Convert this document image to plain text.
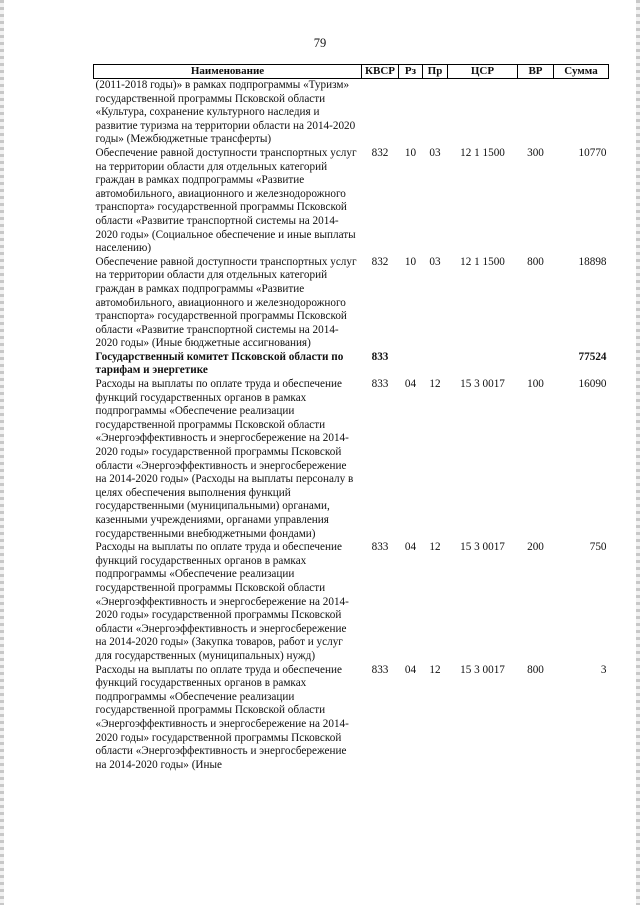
79
Наименование	КВСР	Рз	Пр	ЦСР	ВР	Сумма
(2011-2018 годы)» в рамках подпрограммы «Туризм» государственной программы Псковской области «Культура, сохранение культурного наследия и развитие туризма на территории области на 2014-2020 годы» (Межбюджетные трансферты)						
Обеспечение равной доступности транспортных услуг на территории области для отдельных категорий граждан в рамках подпрограммы «Развитие автомобильного, авиационного и железнодорожного транспорта» государственной программы Псковской области «Развитие транспортной системы на 2014-2020 годы» (Социальное обеспечение и иные выплаты населению)	832	10	03	12 1 1500	300	10770
Обеспечение равной доступности транспортных услуг на территории области для отдельных категорий граждан в рамках подпрограммы «Развитие автомобильного, авиационного и железнодорожного транспорта» государственной программы Псковской области «Развитие транспортной системы на 2014-2020 годы» (Иные бюджетные ассигнования)	832	10	03	12 1 1500	800	18898
Государственный комитет Псковской области по тарифам и энергетике	833					77524
Расходы на выплаты по оплате труда и обеспечение функций государственных органов в рамках подпрограммы «Обеспечение реализации государственной программы Псковской области «Энергоэффективность и энергосбережение на 2014-2020 годы» государственной программы Псковской области «Энергоэффективность и энергосбережение на 2014-2020 годы» (Расходы на выплаты персоналу в целях обеспечения выполнения функций государственными (муниципальными) органами, казенными учреждениями, органами управления государственными внебюджетными фондами)	833	04	12	15 3 0017	100	16090
Расходы на выплаты по оплате труда и обеспечение функций государственных органов в рамках подпрограммы «Обеспечение реализации государственной программы Псковской области «Энергоэффективность и энергосбережение на 2014-2020 годы» государственной программы Псковской области «Энергоэффективность и энергосбережение на 2014-2020 годы» (Закупка товаров, работ и услуг для государственных (муниципальных) нужд)	833	04	12	15 3 0017	200	750
Расходы на выплаты по оплате труда и обеспечение функций государственных органов в рамках подпрограммы «Обеспечение реализации государственной программы Псковской области «Энергоэффективность и энергосбережение на 2014-2020 годы» государственной программы Псковской области «Энергоэффективность и энергосбережение на 2014-2020 годы» (Иные	833	04	12	15 3 0017	800	3
